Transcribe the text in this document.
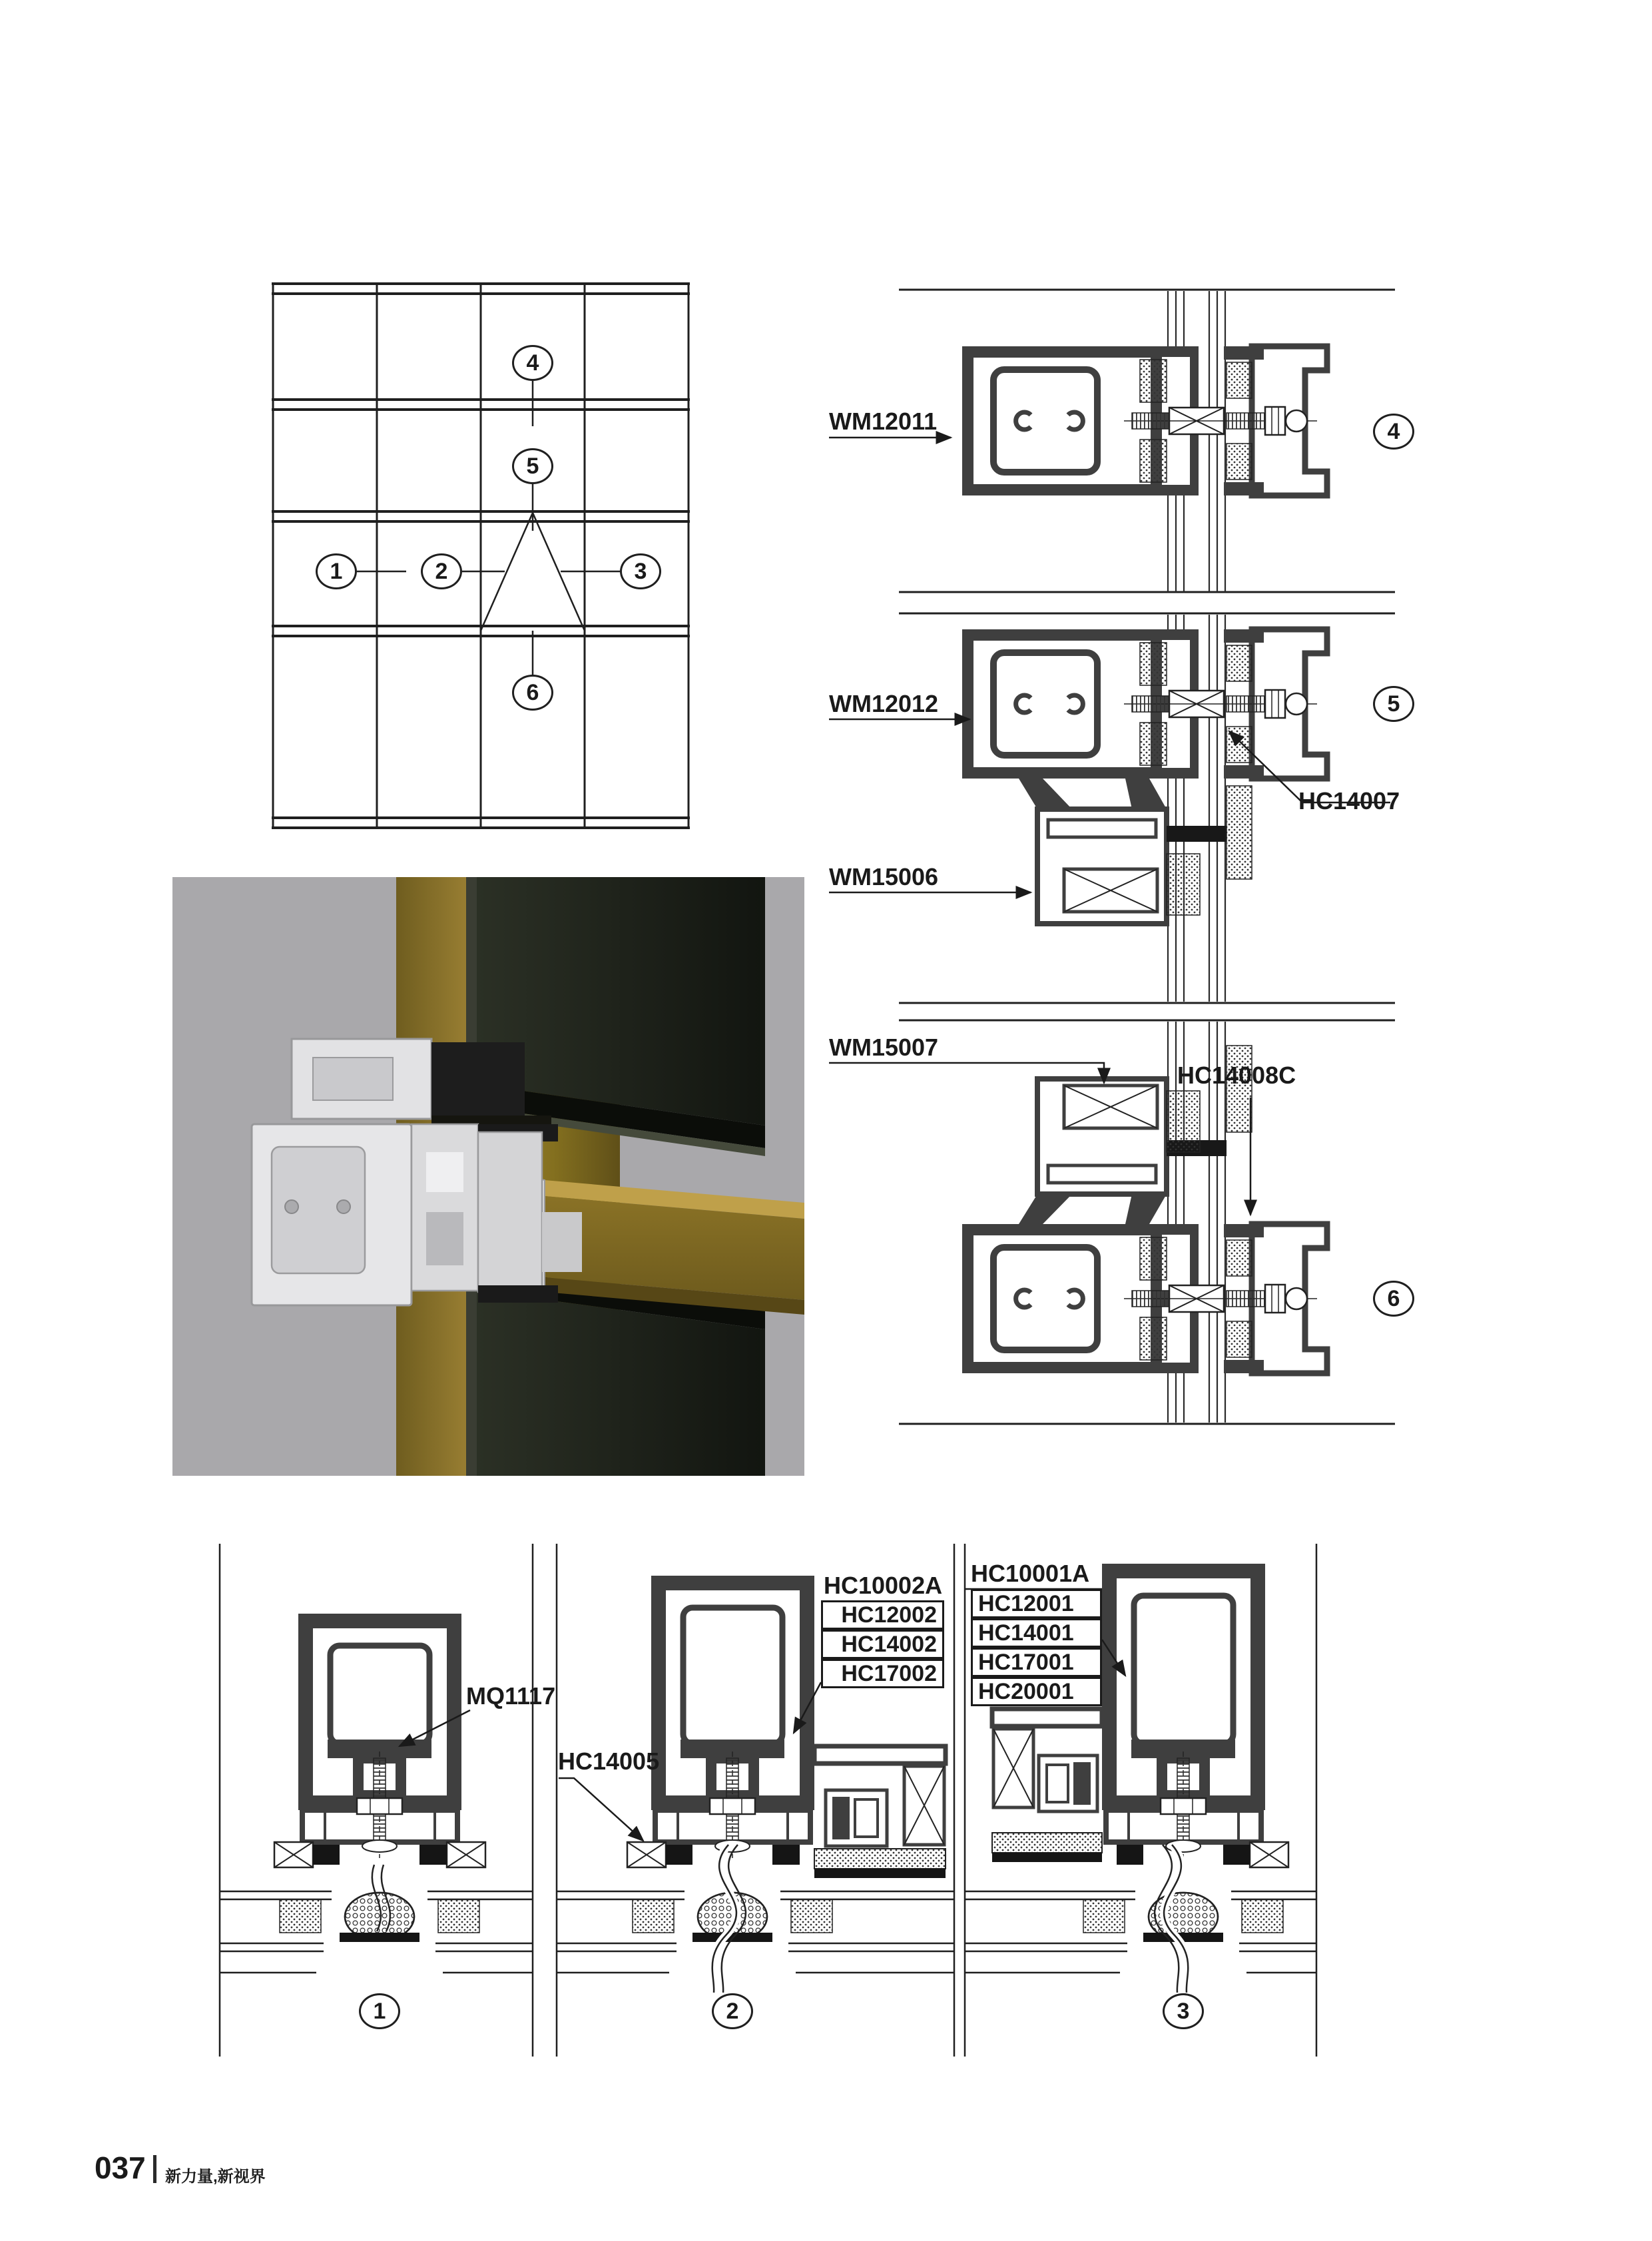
WM12011
WM12012
WM15006
HC14007
WM15007
HC14008C
MQ1117
HC14005
HC10002A
HC12002
HC14002
HC17002
HC10001A
HC12001
HC14001
HC17001
HC20001
1	2	3
4
5
6
4
5
6
1	2	3
037 新力量,新视界
